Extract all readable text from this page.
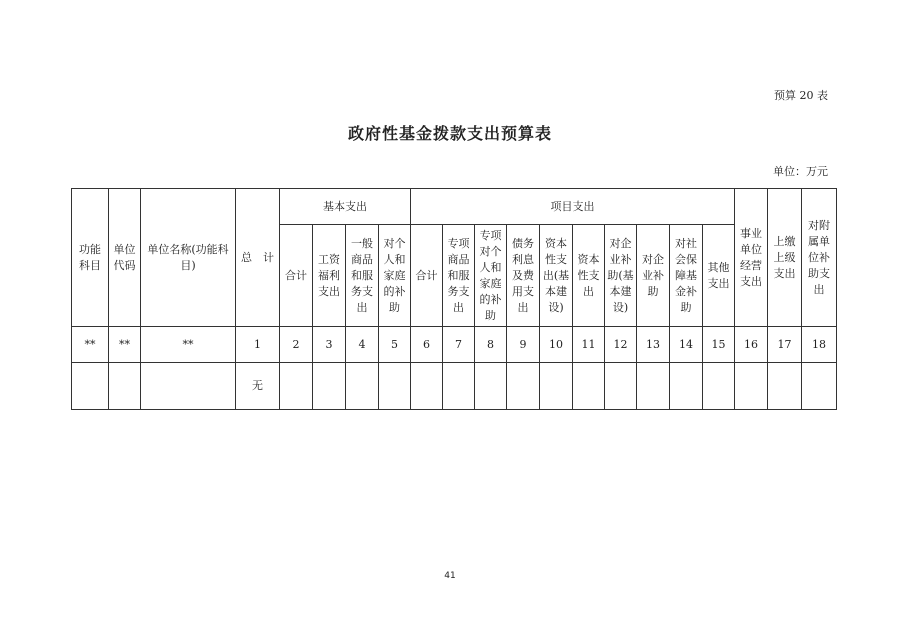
预算 20 表
政府性基金拨款支出预算表
单位：万元
功能科目	单位代码	单位名称(功能科目)	总　计	基本支出				项目支出										事业单位经营支出	上缴上级支出	对附属单位补助支出
				合计	工资福利支出	一般商品和服务支出	对个人和家庭的补助	合计	专项商品和服务支出	专项对个人和家庭的补助	债务利息及费用支出	资本性支出(基本建设)	资本性支出	对企业补助(基本建设)	对企业补助	对社会保障基金补助	其他支出			
**	**	**	1	2	3	4	5	6	7	8	9	10	11	12	13	14	15	16	17	18
			无																	
41
